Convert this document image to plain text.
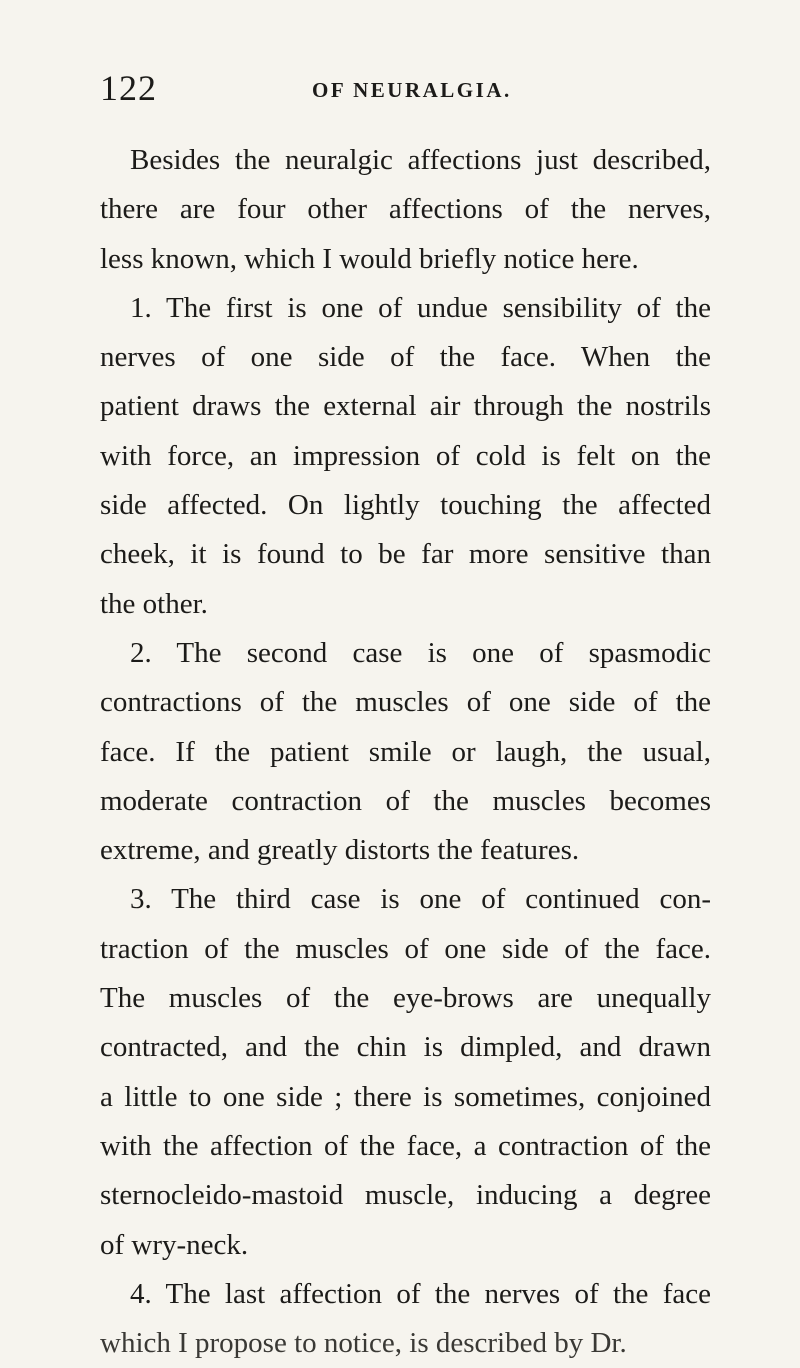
122	OF NEURALGIA.
Besides the neuralgic affections just described,
there are four other affections of the nerves,
less known, which I would briefly notice here.
1. The first is one of undue sensibility of the
nerves of one side of the face. When the
patient draws the external air through the nostrils
with force, an impression of cold is felt on the
side affected. On lightly touching the affected
cheek, it is found to be far more sensitive than
the other.
2. The second case is one of spasmodic
contractions of the muscles of one side of the
face. If the patient smile or laugh, the usual,
moderate contraction of the muscles becomes
extreme, and greatly distorts the features.
3. The third case is one of continued con-
traction of the muscles of one side of the face.
The muscles of the eye-brows are unequally
contracted, and the chin is dimpled, and drawn
a little to one side ; there is sometimes, conjoined
with the affection of the face, a contraction of the
sternocleido-mastoid muscle, inducing a degree
of wry-neck.
4. The last affection of the nerves of the face
which I propose to notice, is described by Dr.
